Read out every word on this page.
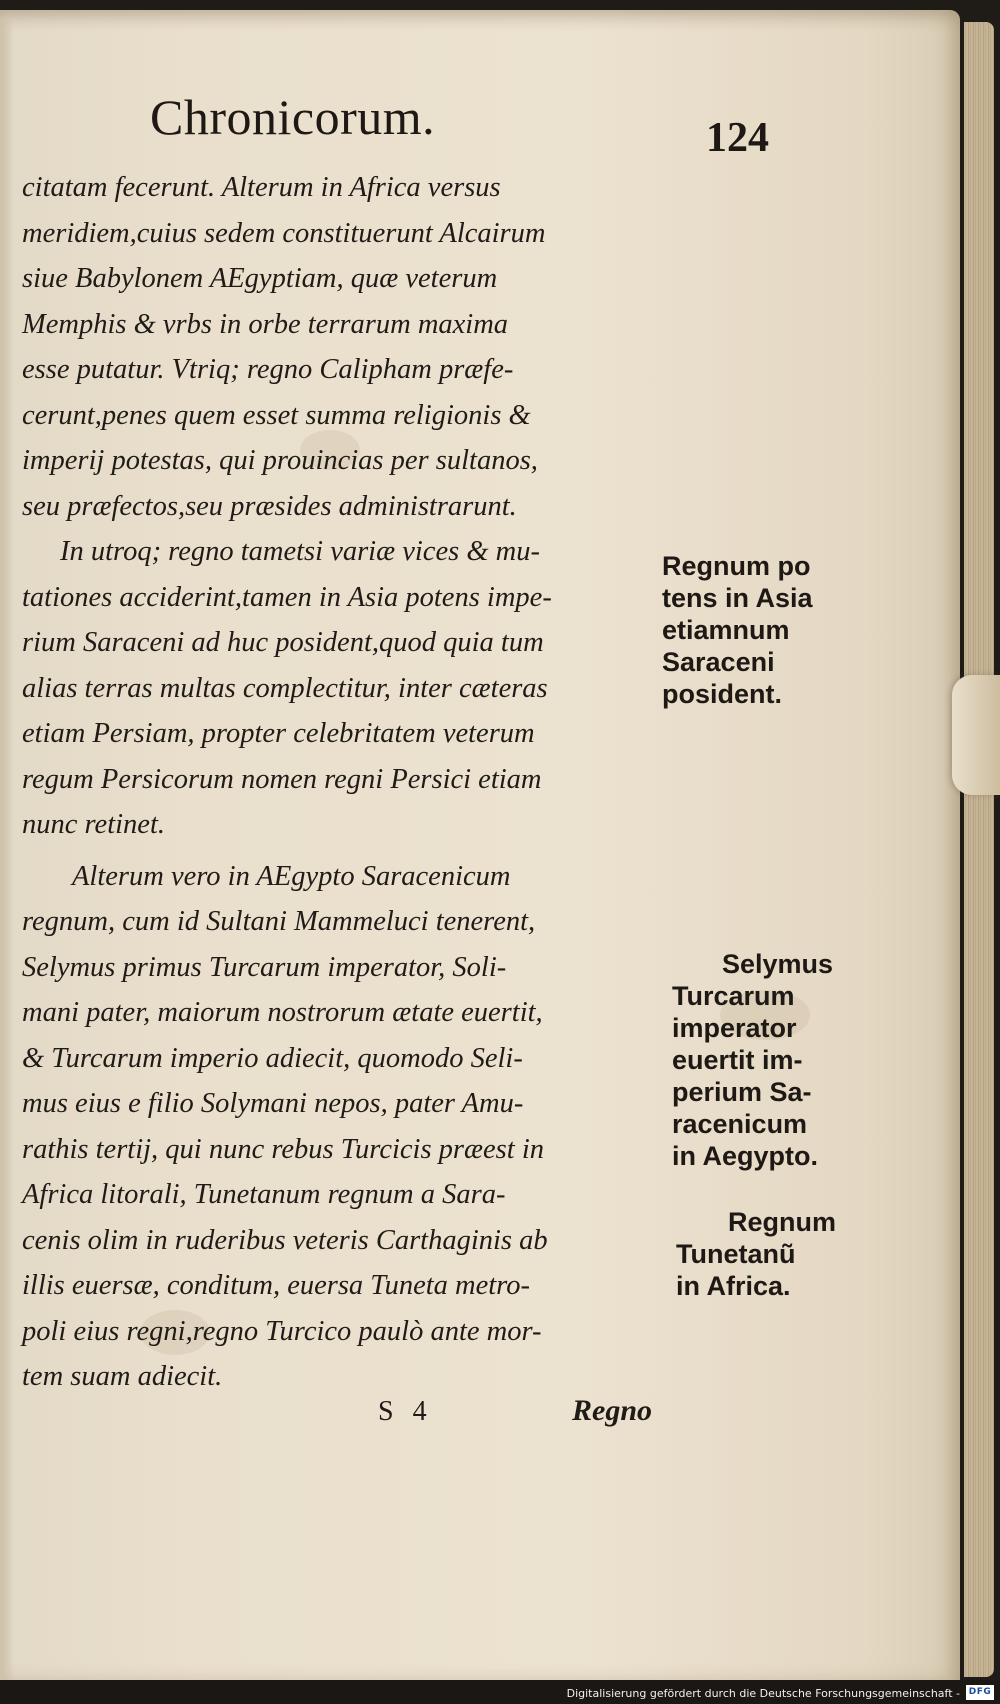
Chronicorum.	124
citatam fecerunt. Alterum in Africa versus
meridiem,cuius sedem constituerunt Alcairum
siue Babylonem AEgyptiam, quæ veterum
Memphis & vrbs in orbe terrarum maxima
esse putatur. Vtriq; regno Calipham præfe-
cerunt,penes quem esset summa religionis &
imperij potestas, qui prouincias per sultanos,
seu præfectos,seu præsides administrarunt.
In utroq; regno tametsi variæ vices & mu-
tationes acciderint,tamen in Asia potens impe-
rium Saraceni ad huc posident,quod quia tum
alias terras multas complectitur, inter cæteras
etiam Persiam, propter celebritatem veterum
regum Persicorum nomen regni Persici etiam
nunc retinet.
Alterum vero in AEgypto Saracenicum
regnum, cum id Sultani Mammeluci tenerent,
Selymus primus Turcarum imperator, Soli-
mani pater, maiorum nostrorum ætate euertit,
& Turcarum imperio adiecit, quomodo Seli-
mus eius e filio Solymani nepos, pater Amu-
rathis tertij, qui nunc rebus Turcicis præest in
Africa litorali, Tunetanum regnum a Sara-
cenis olim in ruderibus veteris Carthaginis ab
illis euersæ, conditum, euersa Tuneta metro-
poli eius regni,regno Turcico paulò ante mor-
tem suam adiecit.
Regnum po
tens in Asia
etiamnum
Saraceni
posident.
Selymus
Turcarum
imperator
euertit im-
perium Sa-
racenicum
in Aegypto.
Regnum
Tunetanũ
in Africa.
S 4	Regno
Digitalisierung gefördert durch die Deutsche Forschungsgemeinschaft - DFG
